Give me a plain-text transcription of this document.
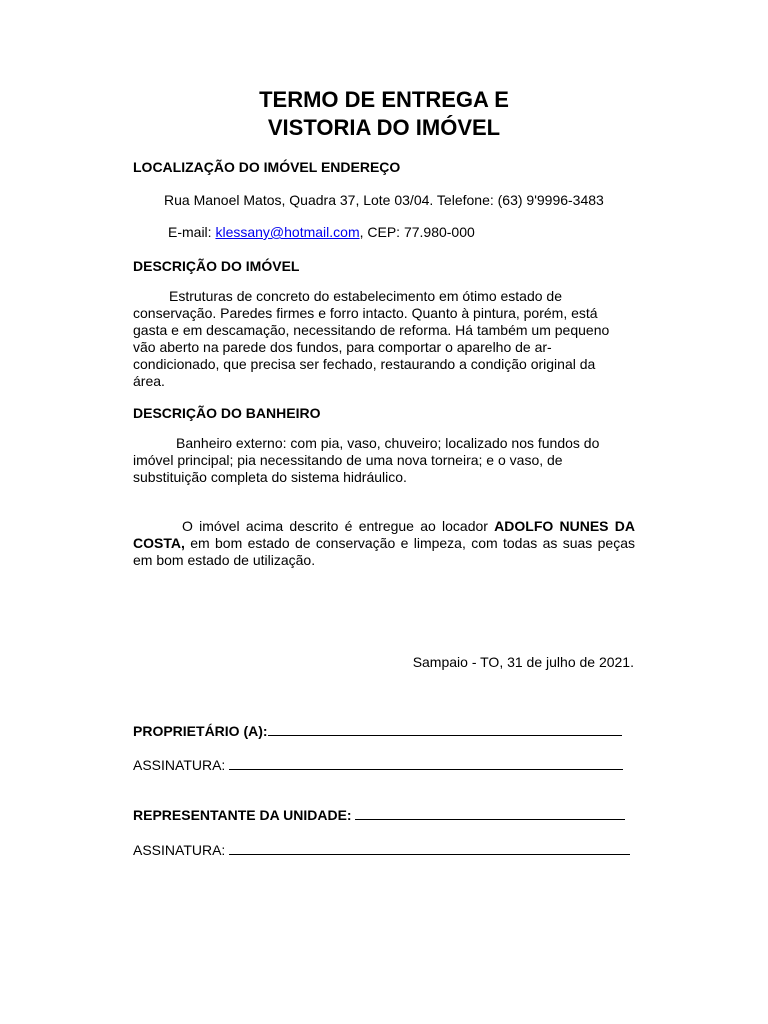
TERMO DE ENTREGA E
VISTORIA DO IMÓVEL
LOCALIZAÇÃO DO IMÓVEL ENDEREÇO
Rua Manoel Matos, Quadra 37, Lote 03/04. Telefone: (63) 9'9996-3483
E-mail: klessany@hotmail.com, CEP: 77.980-000
DESCRIÇÃO DO IMÓVEL
Estruturas de concreto do estabelecimento em ótimo estado de
conservação. Paredes firmes e forro intacto. Quanto à pintura, porém, está
gasta e em descamação, necessitando de reforma. Há também um pequeno
vão aberto na parede dos fundos, para comportar o aparelho de ar-
condicionado, que precisa ser fechado, restaurando a condição original da
área.
DESCRIÇÃO DO BANHEIRO
Banheiro externo: com pia, vaso, chuveiro; localizado nos fundos do
imóvel principal; pia necessitando de uma nova torneira; e o vaso, de
substituição completa do sistema hidráulico.
O imóvel acima descrito é entregue ao locador ADOLFO NUNES DA
COSTA, em bom estado de conservação e limpeza, com todas as suas peças
em bom estado de utilização.
Sampaio - TO, 31 de julho de 2021.
PROPRIETÁRIO (A):
ASSINATURA:
REPRESENTANTE DA UNIDADE:
ASSINATURA:
